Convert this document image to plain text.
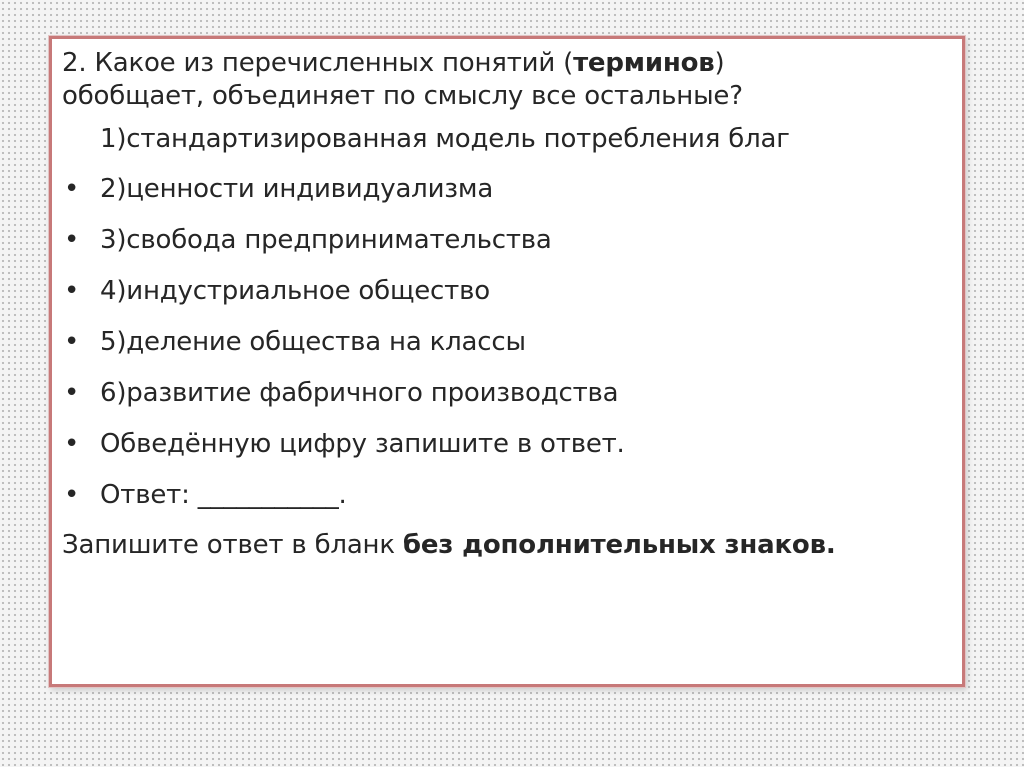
2. Какое из перечисленных понятий (терминов)
обобщает, объединяет по смыслу все остальные?
1)стандартизированная модель потребления благ
• 2)ценности индивидуализма
• 3)свобода предпринимательства
• 4)индустриальное общество
• 5)деление общества на классы
• 6)развитие фабричного производства
• Обведённую цифру запишите в ответ.
• Ответ: ___________.
Запишите ответ в бланк без дополнительных знаков.
